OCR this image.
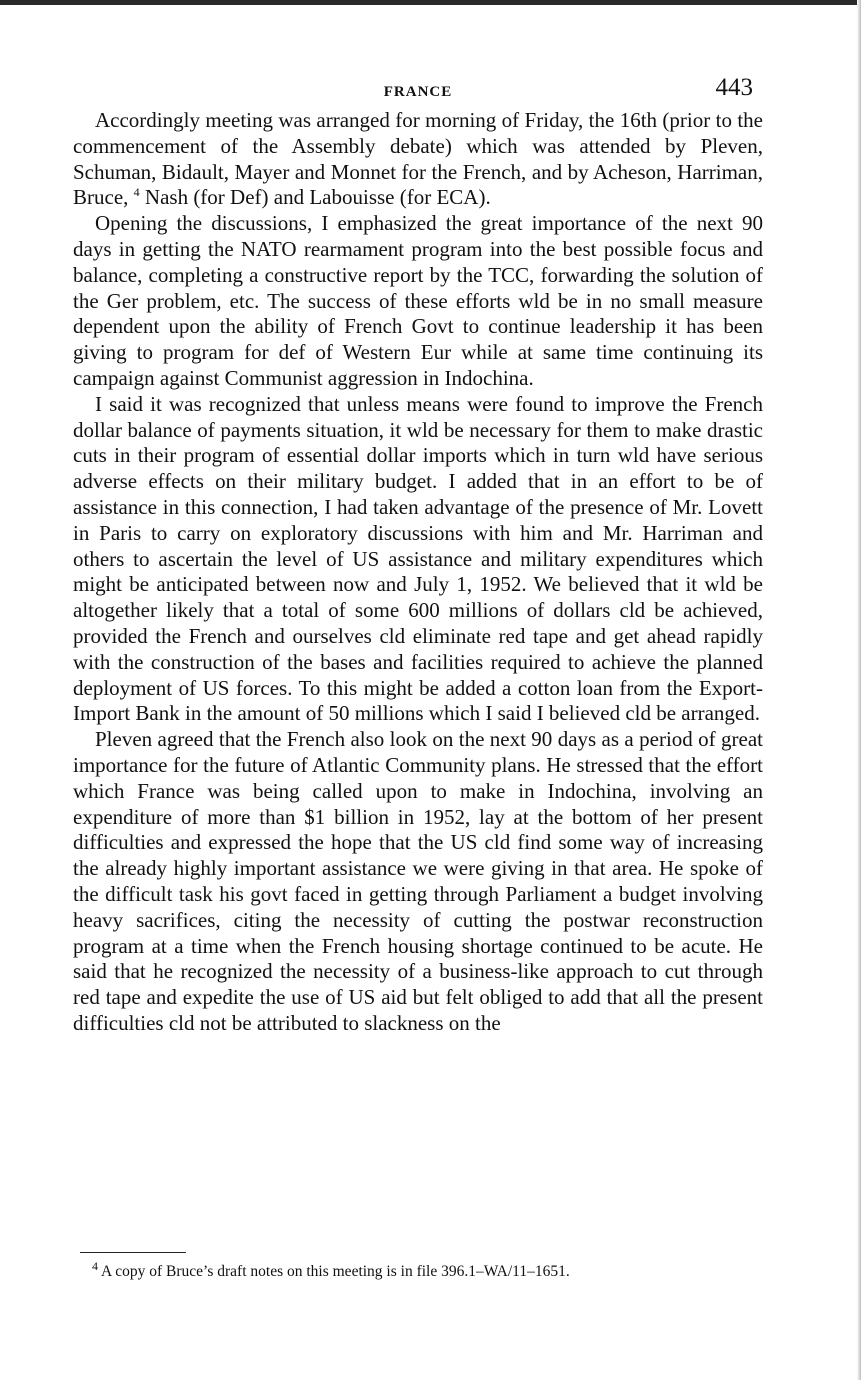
FRANCE	443

Accordingly meeting was arranged for morning of Friday, the 16th (prior to the commencement of the Assembly debate) which was attended by Pleven, Schuman, Bidault, Mayer and Monnet for the French, and by Acheson, Harriman, Bruce, $^4$ Nash (for Def) and Labouisse (for ECA).

Opening the discussions, I emphasized the great importance of the next 90 days in getting the NATO rearmament program into the best possible focus and balance, completing a constructive report by the TCC, forwarding the solution of the Ger problem, etc. The success of these efforts wld be in no small measure dependent upon the ability of French Govt to continue leadership it has been giving to program for def of Western Eur while at same time continuing its campaign against Communist aggression in Indochina.

I said it was recognized that unless means were found to improve the French dollar balance of payments situation, it wld be necessary for them to make drastic cuts in their program of essential dollar imports which in turn wld have serious adverse effects on their military budget. I added that in an effort to be of assistance in this connection, I had taken advantage of the presence of Mr. Lovett in Paris to carry on exploratory discussions with him and Mr. Harriman and others to ascertain the level of US assistance and military expenditures which might be anticipated between now and July 1, 1952. We believed that it wld be altogether likely that a total of some 600 millions of dollars cld be achieved, provided the French and ourselves cld eliminate red tape and get ahead rapidly with the construction of the bases and facilities required to achieve the planned deployment of US forces. To this might be added a cotton loan from the Export-Import Bank in the amount of 50 millions which I said I believed cld be arranged.

Pleven agreed that the French also look on the next 90 days as a period of great importance for the future of Atlantic Community plans. He stressed that the effort which France was being called upon to make in Indochina, involving an expenditure of more than $1 billion in 1952, lay at the bottom of her present difficulties and expressed the hope that the US cld find some way of increasing the already highly important assistance we were giving in that area. He spoke of the difficult task his govt faced in getting through Parliament a budget involving heavy sacrifices, citing the necessity of cutting the postwar reconstruction program at a time when the French housing shortage continued to be acute. He said that he recognized the necessity of a business-like approach to cut through red tape and expedite the use of US aid but felt obliged to add that all the present difficulties cld not be attributed to slackness on the

$^4$ A copy of Bruce’s draft notes on this meeting is in file 396.1–WA/11–1651.
